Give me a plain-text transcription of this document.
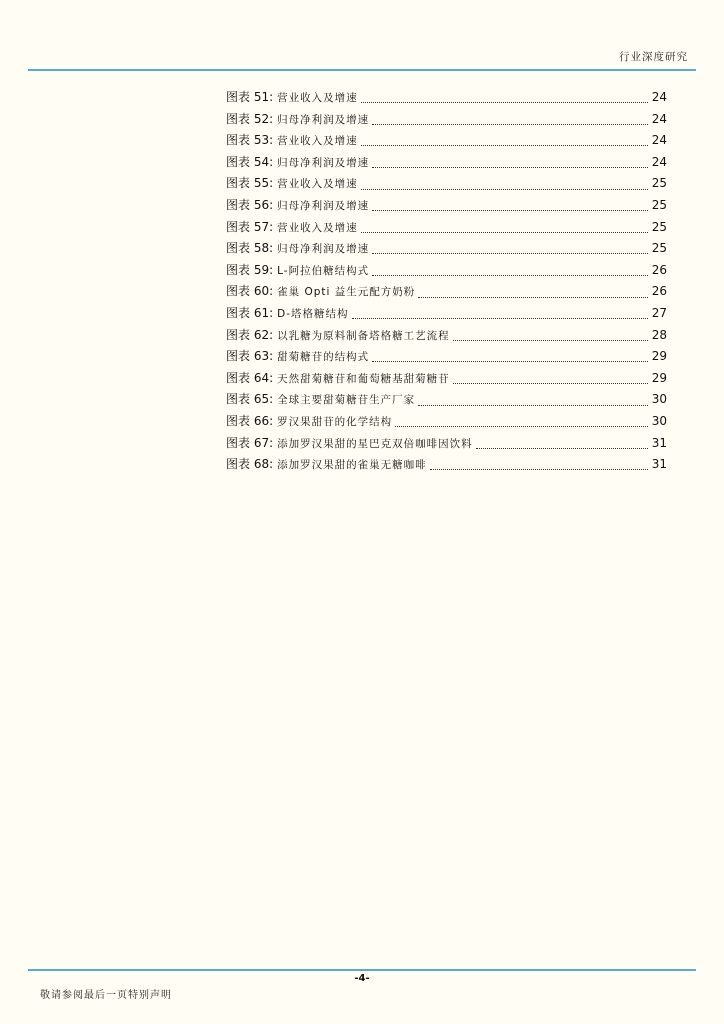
行业深度研究
图表 51: 营业收入及增速	24
图表 52: 归母净利润及增速	24
图表 53: 营业收入及增速	24
图表 54: 归母净利润及增速	24
图表 55: 营业收入及增速	25
图表 56: 归母净利润及增速	25
图表 57: 营业收入及增速	25
图表 58: 归母净利润及增速	25
图表 59: L-阿拉伯糖结构式	26
图表 60: 雀巢 Opti 益生元配方奶粉	26
图表 61: D-塔格糖结构	27
图表 62: 以乳糖为原料制备塔格糖工艺流程	28
图表 63: 甜菊糖苷的结构式	29
图表 64: 天然甜菊糖苷和葡萄糖基甜菊糖苷	29
图表 65: 全球主要甜菊糖苷生产厂家	30
图表 66: 罗汉果甜苷的化学结构	30
图表 67: 添加罗汉果甜的星巴克双倍咖啡因饮料	31
图表 68: 添加罗汉果甜的雀巢无糖咖啡	31
-4-
敬请参阅最后一页特别声明
